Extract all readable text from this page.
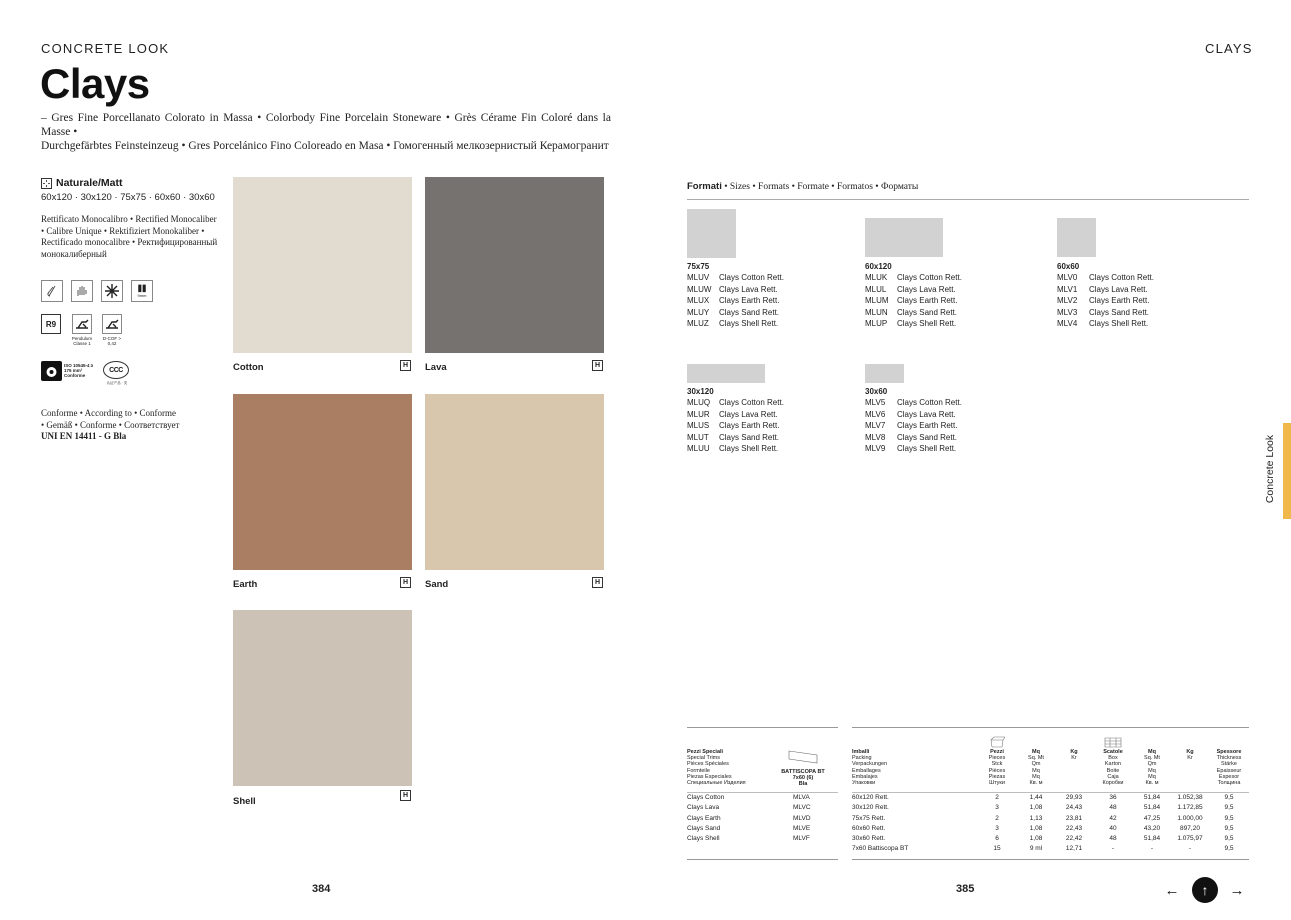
CONCRETE LOOK
Clays
– Gres Fine Porcellanato Colorato in Massa • Colorbody Fine Porcelain Stoneware • Grès Cérame Fin Coloré dans la Masse •
Durchgefärbtes Feinsteinzeug • Gres Porcelánico Fino Coloreado en Masa • Гомогенный мелкозернистый Керамогранит
Naturale/Matt
60x120 · 30x120 · 75x75 · 60x60 · 30x60
Rettificato Monocalibro • Rectified Monocaliber
• Calibre Unique • Rektifiziert Monokaliber •
Rectificado monocalibre • Ректифицированный
монокалиберный
9mm
R9
Pendulum Classe 1
D-COF > 0,42
ISO 10545-4 ≥ 175 mm³ Conforme
CCC
认证产品 · 类
Conforme • According to • Conforme
• Gemäß • Conforme • Соответствует
UNI EN 14411 - G Bla
Cotton	H	Lava	H
Earth	H	Sand	H
Shell
H
384
CLAYS
Formati • Sizes • Formats • Formate • Formatos • Форматы
75x75
MLUV	Clays Cotton Rett.
MLUW Clays Lava Rett.
MLUX	Clays Earth Rett.
MLUY	Clays Sand Rett.
MLUZ	Clays Shell Rett.
60x120
MLUK	Clays Cotton Rett.
MLUL	Clays Lava Rett.
MLUM	Clays Earth Rett.
MLUN	Clays Sand Rett.
MLUP	Clays Shell Rett.
60x60
MLV0	Clays Cotton Rett.
MLV1	Clays Lava Rett.
MLV2	Clays Earth Rett.
MLV3	Clays Sand Rett.
MLV4	Clays Shell Rett.
30x120
MLUQ	Clays Cotton Rett.
MLUR	Clays Lava Rett.
MLUS	Clays Earth Rett.
MLUT	Clays Sand Rett.
MLUU	Clays Shell Rett.
30x60
MLV5	Clays Cotton Rett.
MLV6	Clays Lava Rett.
MLV7	Clays Earth Rett.
MLV8	Clays Sand Rett.
MLV9	Clays Shell Rett.
Pezzi Speciali
Special Trims
Pièces Spéciales
Formteile
Piezas Especiales
Специальные Изделия
BATTISCOPA BT
7x60 (6)
Bla
Clays Cotton	MLVA
Clays Lava	MLVC
Clays Earth	MLVD
Clays Sand	MLVE
Clays Shell	MLVF
Imballi
Packing
Verpackungen
Emballages
Embalajes
Упаковки
Pezzi
Pieces
Stck
Pièces
Piezas
Штуки
Mq
Sq. Mt
Qm
Mq
Mq
Кв. м
Kg
Kr
Scatole
Box
Karton
Boite
Caja
Коробки
Mq
Sq. Mt
Qm
Mq
Mq
Кв. м
Kg
Kr
Spessore
Thickness
Stärke
Epaisseur
Espesor
Толщина
60x120 Rett.	2	1,44	29,93	36	51,84	1.052,38	9,5
30x120 Rett.	3	1,08	24,43	48	51,84	1.172,85	9,5
75x75 Rett.	2	1,13	23,81	42	47,25	1.000,00	9,5
60x60 Rett.	3	1,08	22,43	40	43,20	897,20	9,5
30x60 Rett.	6	1,08	22,42	48	51,84	1.075,97	9,5
7x60 Battiscopa BT	15	9 ml	12,71	-	-	-	9,5
385
Concrete Look
← ↑ →
